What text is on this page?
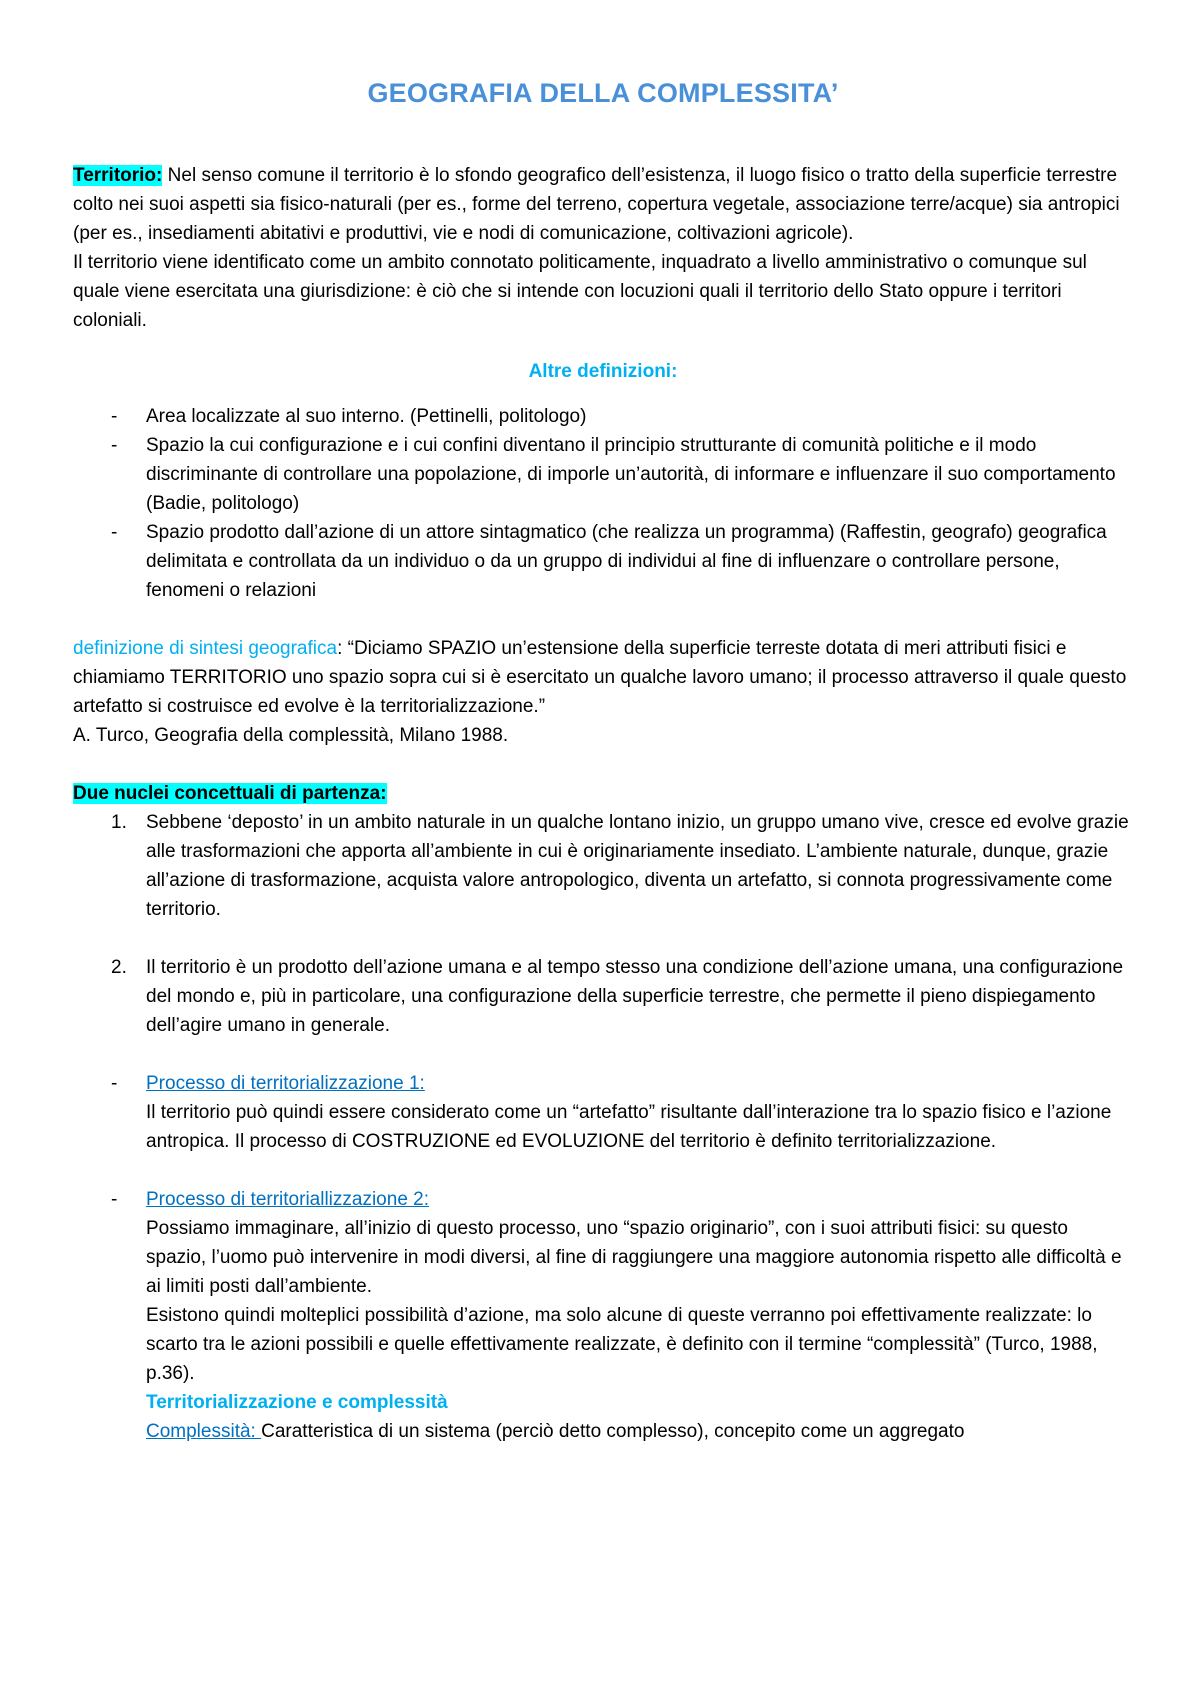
GEOGRAFIA DELLA COMPLESSITA’

Territorio: Nel senso comune il territorio è lo sfondo geografico dell’esistenza, il luogo fisico o tratto della superficie terrestre colto nei suoi aspetti sia fisico-naturali (per es., forme del terreno, copertura vegetale, associazione terre/acque) sia antropici (per es., insediamenti abitativi e produttivi, vie e nodi di comunicazione, coltivazioni agricole).

Il territorio viene identificato come un ambito connotato politicamente, inquadrato a livello amministrativo o comunque sul quale viene esercitata una giurisdizione: è ciò che si intende con locuzioni quali il territorio dello Stato oppure i territori coloniali.

Altre definizioni:
- Area localizzate al suo interno. (Pettinelli, politologo)
- Spazio la cui configurazione e i cui confini diventano il principio strutturante di comunità politiche e il modo discriminante di controllare una popolazione, di imporle un’autorità, di informare e influenzare il suo comportamento (Badie, politologo)
- Spazio prodotto dall’azione di un attore sintagmatico (che realizza un programma) (Raffestin, geografo) geografica delimitata e controllata da un individuo o da un gruppo di individui al fine di influenzare o controllare persone, fenomeni o relazioni

definizione di sintesi geografica: “Diciamo SPAZIO un’estensione della superficie terreste dotata di meri attributi fisici e chiamiamo TERRITORIO uno spazio sopra cui si è esercitato un qualche lavoro umano; il processo attraverso il quale questo artefatto si costruisce ed evolve è la territorializzazione.”

A. Turco, Geografia della complessità, Milano 1988.

Due nuclei concettuali di partenza:

1. Sebbene ‘deposto’ in un ambito naturale in un qualche lontano inizio, un gruppo umano vive, cresce ed evolve grazie alle trasformazioni che apporta all’ambiente in cui è originariamente insediato. L’ambiente naturale, dunque, grazie all’azione di trasformazione, acquista valore antropologico, diventa un artefatto, si connota progressivamente come territorio.
2. Il territorio è un prodotto dell’azione umana e al tempo stesso una condizione dell’azione umana, una configurazione del mondo e, più in particolare, una configurazione della superficie terrestre, che permette il pieno dispiegamento dell’agire umano in generale.
- Processo di territorializzazione 1:
Il territorio può quindi essere considerato come un “artefatto” risultante dall’interazione tra lo spazio fisico e l’azione antropica. Il processo di COSTRUZIONE ed EVOLUZIONE del territorio è definito territorializzazione.
- Processo di territoriallizzazione 2:
Possiamo immaginare, all’inizio di questo processo, uno “spazio originario”, con i suoi attributi fisici: su questo spazio, l’uomo può intervenire in modi diversi, al fine di raggiungere una maggiore autonomia rispetto alle difficoltà e ai limiti posti dall’ambiente.
Esistono quindi molteplici possibilità d’azione, ma solo alcune di queste verranno poi effettivamente realizzate: lo scarto tra le azioni possibili e quelle effettivamente realizzate, è definito con il termine “complessità” (Turco, 1988, p.36).
Territorializzazione e complessità
Complessità: Caratteristica di un sistema (perciò detto complesso), concepito come un aggregato
